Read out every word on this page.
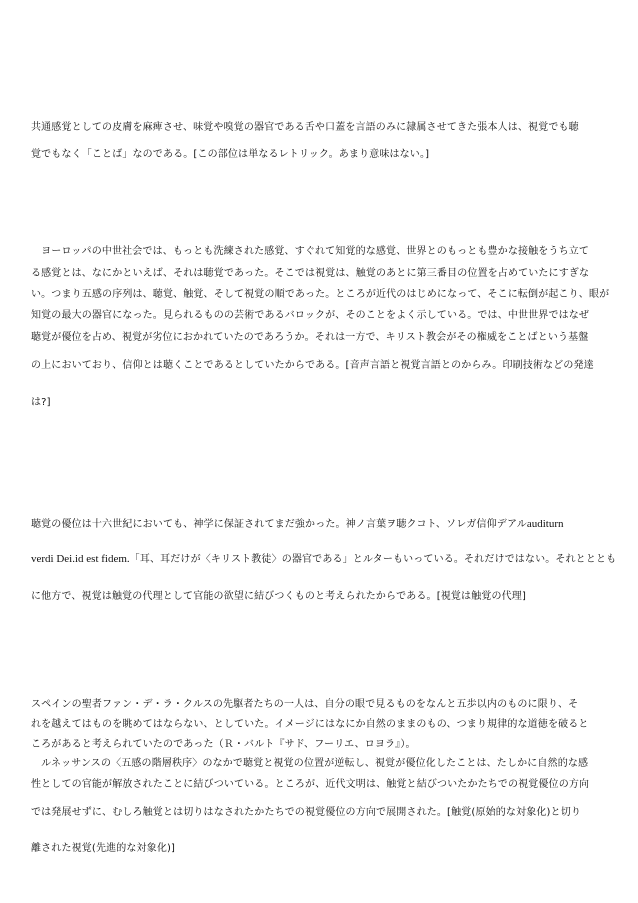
共通感覚としての皮膚を麻痺させ、味覚や嗅覚の器官である舌や口蓋を言語のみに隷属させてきた張本人は、視覚でも聴
覚でもなく「ことば」なのである。[この部位は単なるレトリック。あまり意味はない。]
　ヨーロッパの中世社会では、もっとも洗練された感覚、すぐれて知覚的な感覚、世界とのもっとも豊かな接触をうち立て
る感覚とは、なにかといえば、それは聴覚であった。そこでは視覚は、触覚のあとに第三番目の位置を占めていたにすぎな
い。つまり五感の序列は、聴覚、触覚、そして視覚の順であった。ところが近代のはじめになって、そこに転倒が起こり、眼が
知覚の最大の器官になった。見られるものの芸術であるバロックが、そのことをよく示している。では、中世世界ではなぜ
聴覚が優位を占め、視覚が劣位におかれていたのであろうか。それは一方で、キリスト教会がその権威をことばという基盤
の上においており、信仰とは聴くことであるとしていたからである。[音声言語と視覚言語とのからみ。印刷技術などの発達
は?]
聴覚の優位は十六世紀においても、神学に保証されてまだ強かった。神ノ言葉ヲ聴クコト、ソレガ信仰デアルauditurn
verdi Dei.id est fidem.「耳、耳だけが〈キリスト教徒〉の器官である」とルターもいっている。それだけではない。それとととも
に他方で、視覚は触覚の代理として官能の欲望に結びつくものと考えられたからである。[視覚は触覚の代理]
スペインの聖者ファン・デ・ラ・クルスの先駆者たちの一人は、自分の眼で見るものをなんと五歩以内のものに限り、そ
れを越えてはものを眺めてはならない、としていた。イメージにはなにか自然のままのもの、つまり規律的な道徳を破ると
ころがあると考えられていたのであった（Ｒ・バルト『サド、フーリエ、ロヨラ』）。
　ルネッサンスの〈五感の階層秩序〉のなかで聴覚と視覚の位置が逆転し、視覚が優位化したことは、たしかに自然的な感
性としての官能が解放されたことに結びついている。ところが、近代文明は、触覚と結びついたかたちでの視覚優位の方向
では発展せずに、むしろ触覚とは切りはなされたかたちでの視覚優位の方向で展開された。[触覚(原始的な対象化)と切り
離された視覚(先進的な対象化)]
